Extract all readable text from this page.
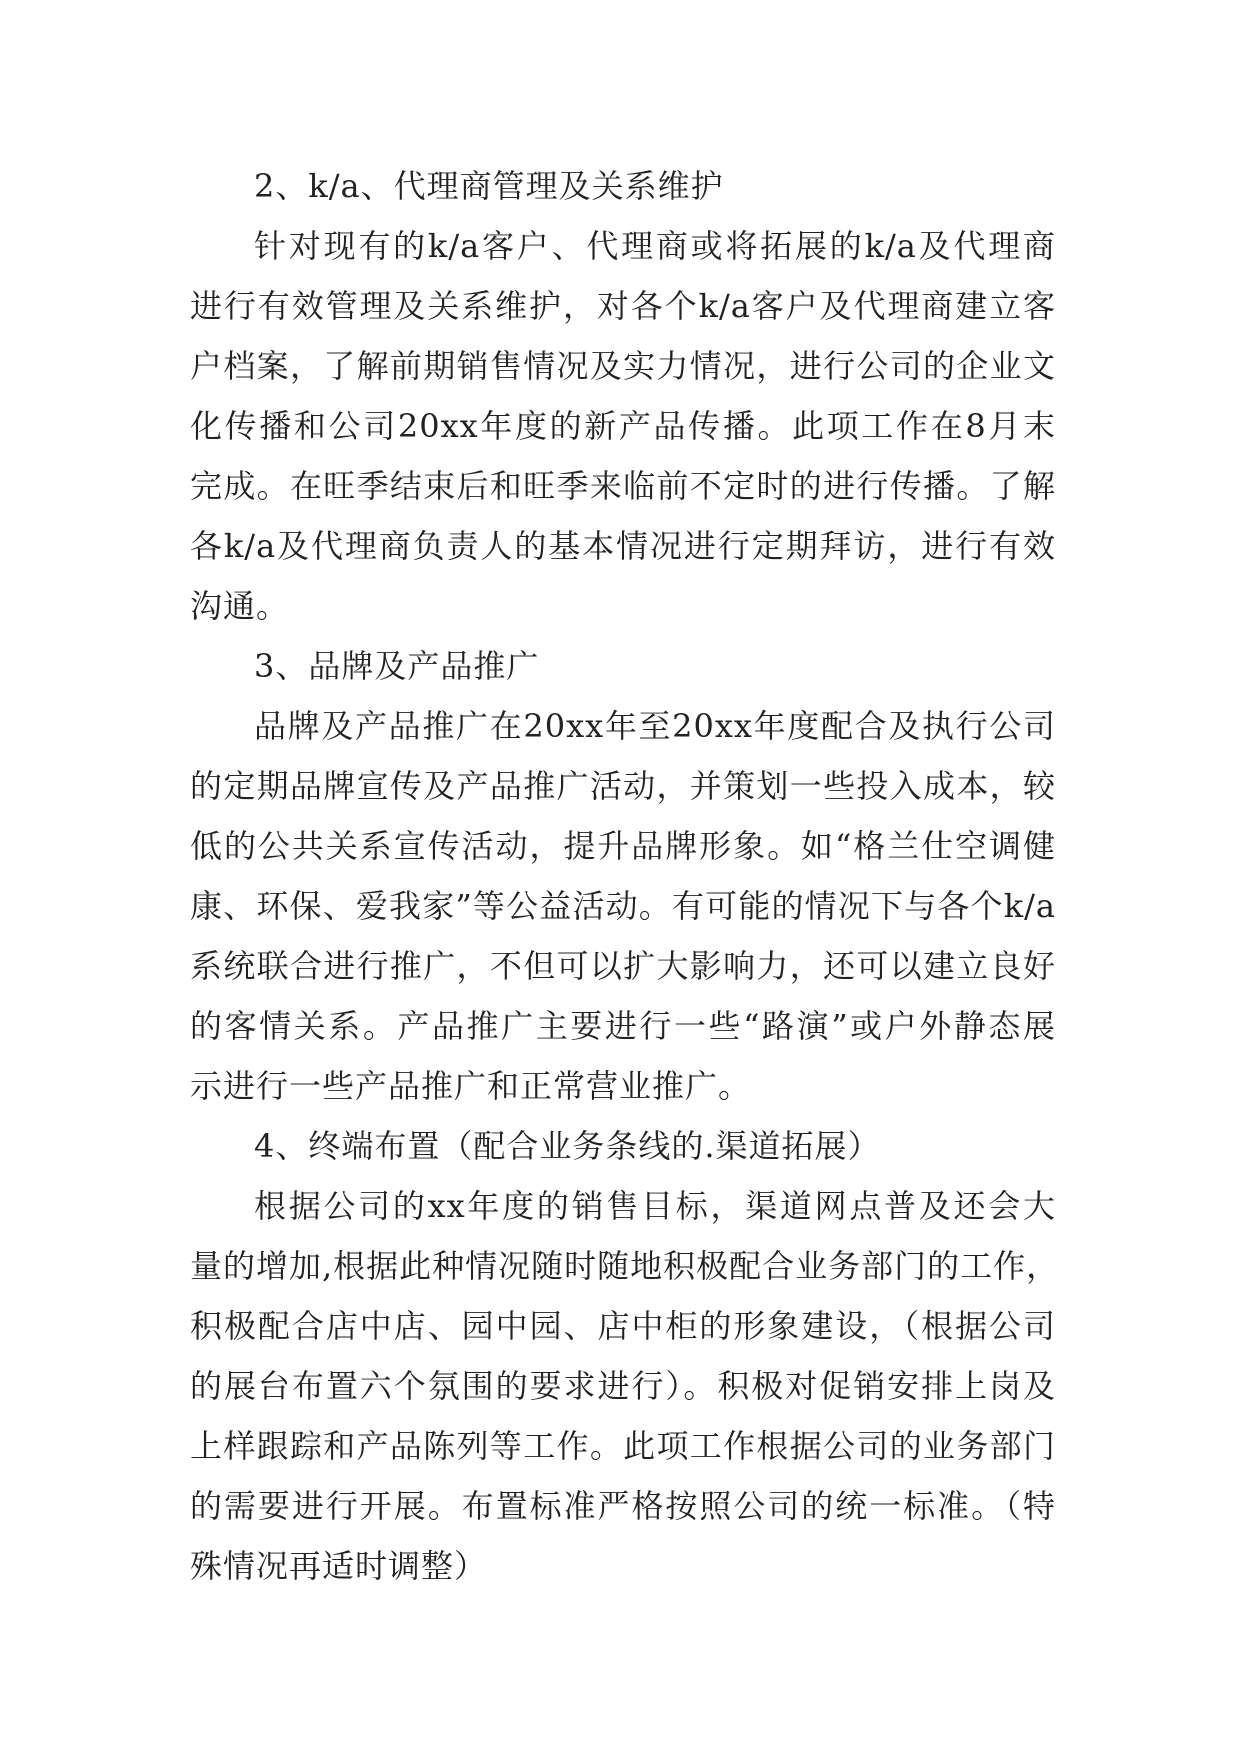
2、k/a、代理商管理及关系维护
针对现有的k/a客户、代理商或将拓展的k/a及代理商
进行有效管理及关系维护，对各个k/a客户及代理商建立客
户档案，了解前期销售情况及实力情况，进行公司的企业文
化传播和公司20xx年度的新产品传播。此项工作在8月末
完成。在旺季结束后和旺季来临前不定时的进行传播。了解
各k/a及代理商负责人的基本情况进行定期拜访，进行有效
沟通。
3、品牌及产品推广
品牌及产品推广在20xx年至20xx年度配合及执行公司
的定期品牌宣传及产品推广活动，并策划一些投入成本，较
低的公共关系宣传活动，提升品牌形象。如“格兰仕空调健
康、环保、爱我家”等公益活动。有可能的情况下与各个k/a
系统联合进行推广，不但可以扩大影响力，还可以建立良好
的客情关系。产品推广主要进行一些“路演”或户外静态展
示进行一些产品推广和正常营业推广。
4、终端布置（配合业务条线的.渠道拓展）
根据公司的xx年度的销售目标，渠道网点普及还会大
量的增加,根据此种情况随时随地积极配合业务部门的工作，
积极配合店中店、园中园、店中柜的形象建设，（根据公司
的展台布置六个氛围的要求进行）。积极对促销安排上岗及
上样跟踪和产品陈列等工作。此项工作根据公司的业务部门
的需要进行开展。布置标准严格按照公司的统一标准。（特
殊情况再适时调整）
